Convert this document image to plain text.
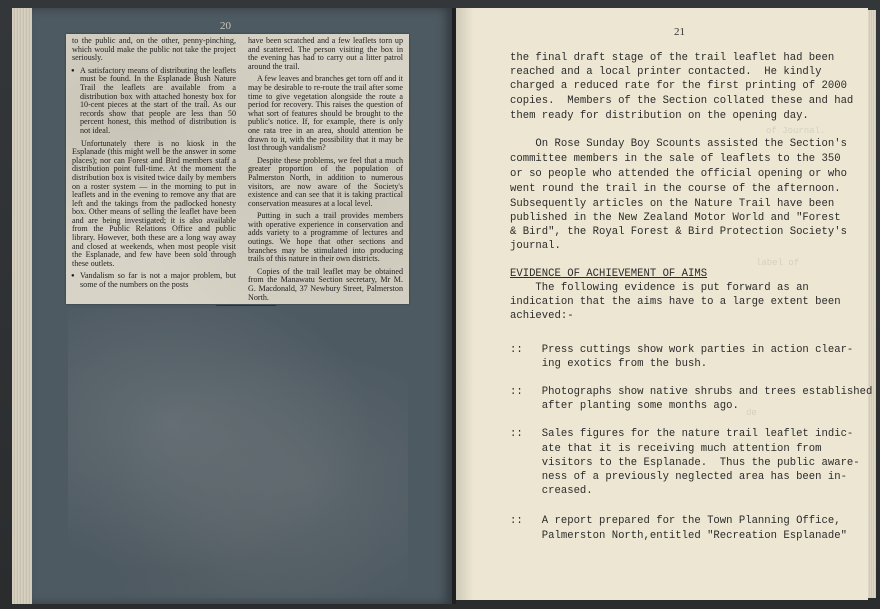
20

to the public and, on the other, penny-pinching, which would make the public not take the project seriously.

● A satisfactory means of distributing the leaflets must be found. In the Esplanade Bush Nature Trail the leaflets are available from a distribution box with attached honesty box for 10-cent pieces at the start of the trail. As our records show that people are less than 50 percent honest, this method of distribution is not ideal.

Unfortunately there is no kiosk in the Esplanade (this might well be the answer in some places); nor can Forest and Bird members staff a distribution point full-time. At the moment the distribution box is visited twice daily by members on a roster system — in the morning to put in leaflets and in the evening to remove any that are left and the takings from the padlocked honesty box. Other means of selling the leaflet have been and are being investigated; it is also available from the Public Relations Office and public library. However, both these are a long way away and closed at weekends, when most people visit the Esplanade, and few have been sold through these outlets.

● Vandalism so far is not a major problem, but some of the numbers on the posts

have been scratched and a few leaflets torn up and scattered. The person visiting the box in the evening has had to carry out a litter patrol around the trail.

A few leaves and branches get torn off and it may be desirable to re-route the trail after some time to give vegetation alongside the route a period for recovery. This raises the question of what sort of features should be brought to the public's notice. If, for example, there is only one rata tree in an area, should attention be drawn to it, with the possibility that it may be lost through vandalism?

Despite these problems, we feel that a much greater proportion of the population of Palmerston North, in addition to numerous visitors, are now aware of the Society's existence and can see that it is taking practical conservation measures at a local level.

Putting in such a trail provides members with operative experience in conservation and adds variety to a programme of lectures and outings. We hope that other sections and branches may be stimulated into producing trails of this nature in their own districts.

Copies of the trail leaflet may be obtained from the Manawatu Section secretary, Mr M. G. Macdonald, 37 Newbury Street, Palmerston North.

of Journal.
label of
de
21
the final draft stage of the trail leaflet had been
reached and a local printer contacted.  He kindly
charged a reduced rate for the first printing of 2000
copies.  Members of the Section collated these and had
them ready for distribution on the opening day.
On Rose Sunday Boy Scounts assisted the Section's
committee members in the sale of leaflets to the 350
or so people who attended the official opening or who
went round the trail in the course of the afternoon.
Subsequently articles on the Nature Trail have been
published in the New Zealand Motor World and "Forest
& Bird", the Royal Forest & Bird Protection Society's
journal.
EVIDENCE OF ACHIEVEMENT OF AIMS
The following evidence is put forward as an
indication that the aims have to a large extent been
achieved:-
::   Press cuttings show work parties in action clear-
ing exotics from the bush.
::   Photographs show native shrubs and trees established
after planting some months ago.
::   Sales figures for the nature trail leaflet indic-
ate that it is receiving much attention from
visitors to the Esplanade.  Thus the public aware-
ness of a previously neglected area has been in-
creased.
::   A report prepared for the Town Planning Office,
Palmerston North,entitled "Recreation Esplanade"
